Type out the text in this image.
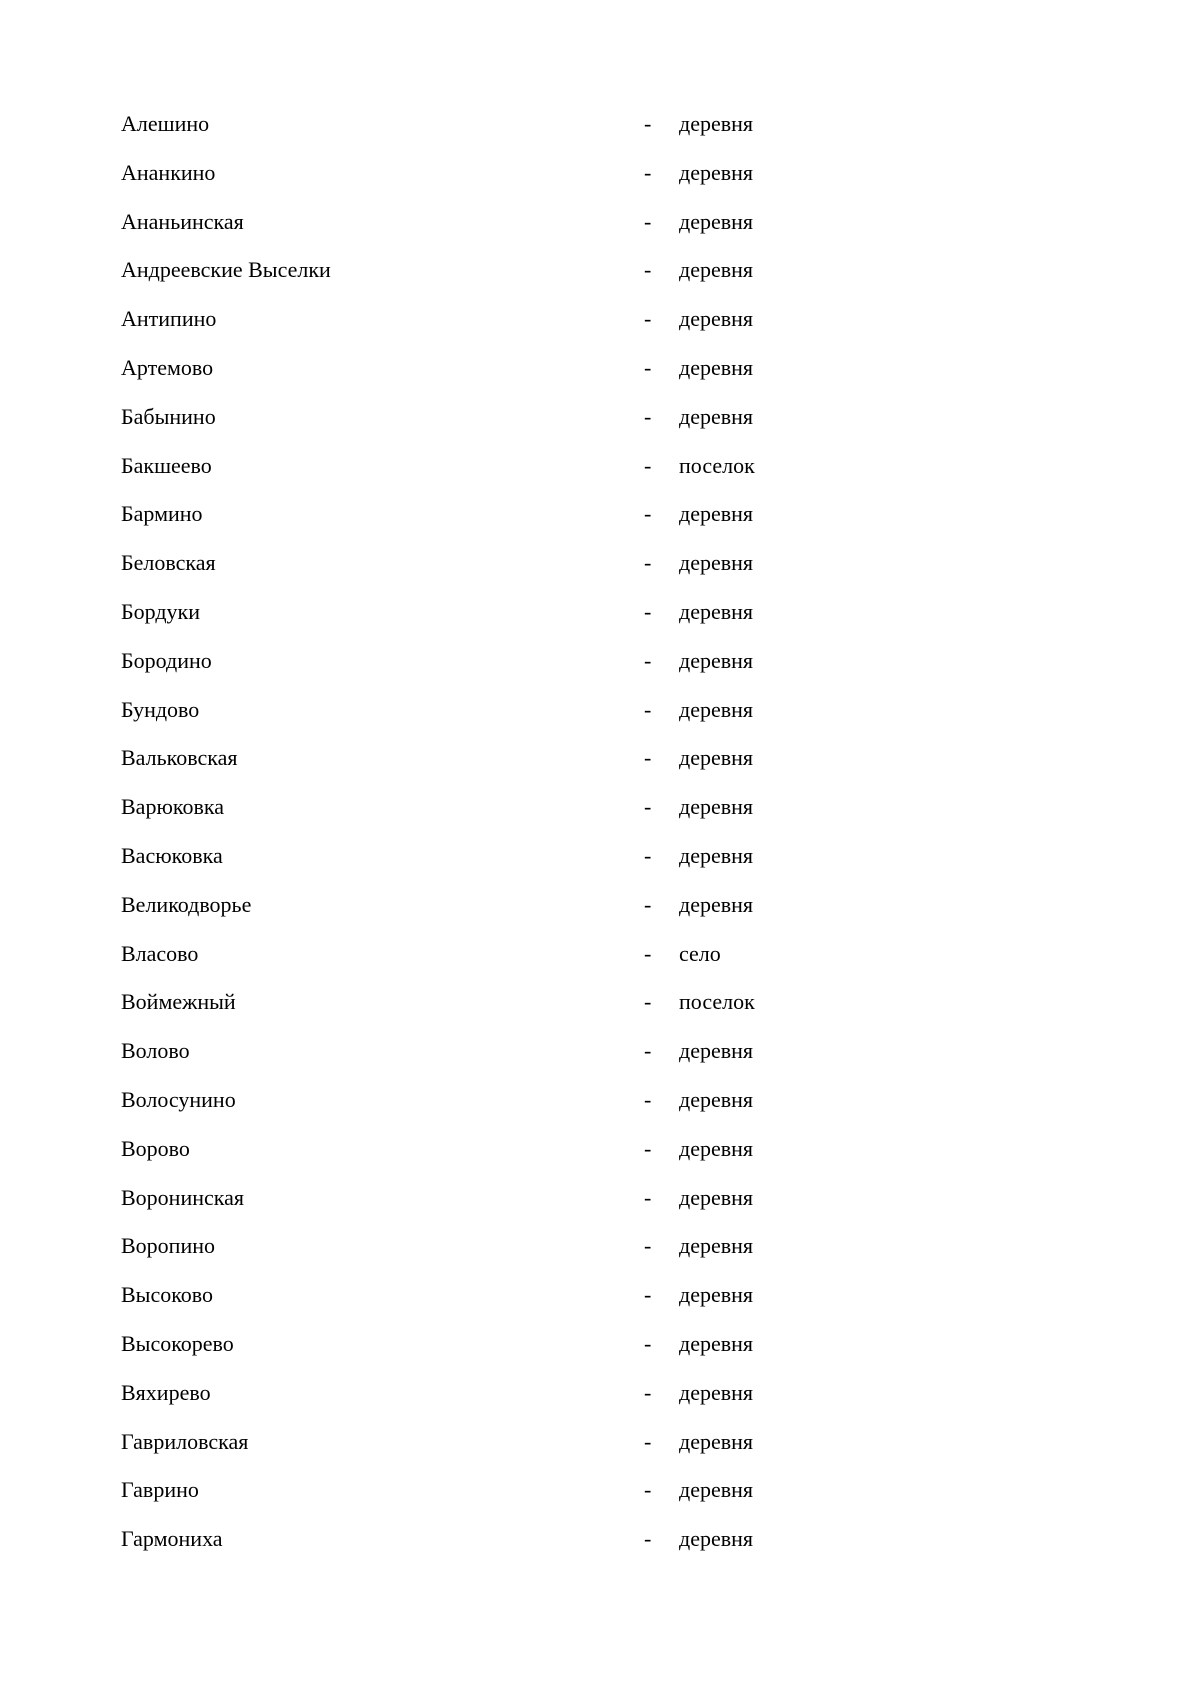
Алешино	- деревня
Ананкино	- деревня
Ананьинская	- деревня
Андреевские Выселки	- деревня
Антипино	- деревня
Артемово	- деревня
Бабынино	- деревня
Бакшеево	- поселок
Бармино	- деревня
Беловская	- деревня
Бордуки	- деревня
Бородино	- деревня
Бундово	- деревня
Вальковская	- деревня
Варюковка	- деревня
Васюковка	- деревня
Великодворье	- деревня
Власово	- село
Воймежный	- поселок
Волово	- деревня
Волосунино	- деревня
Ворово	- деревня
Воронинская	- деревня
Воропино	- деревня
Высоково	- деревня
Высокорево	- деревня
Вяхирево	- деревня
Гавриловская	- деревня
Гаврино	- деревня
Гармониха	- деревня
